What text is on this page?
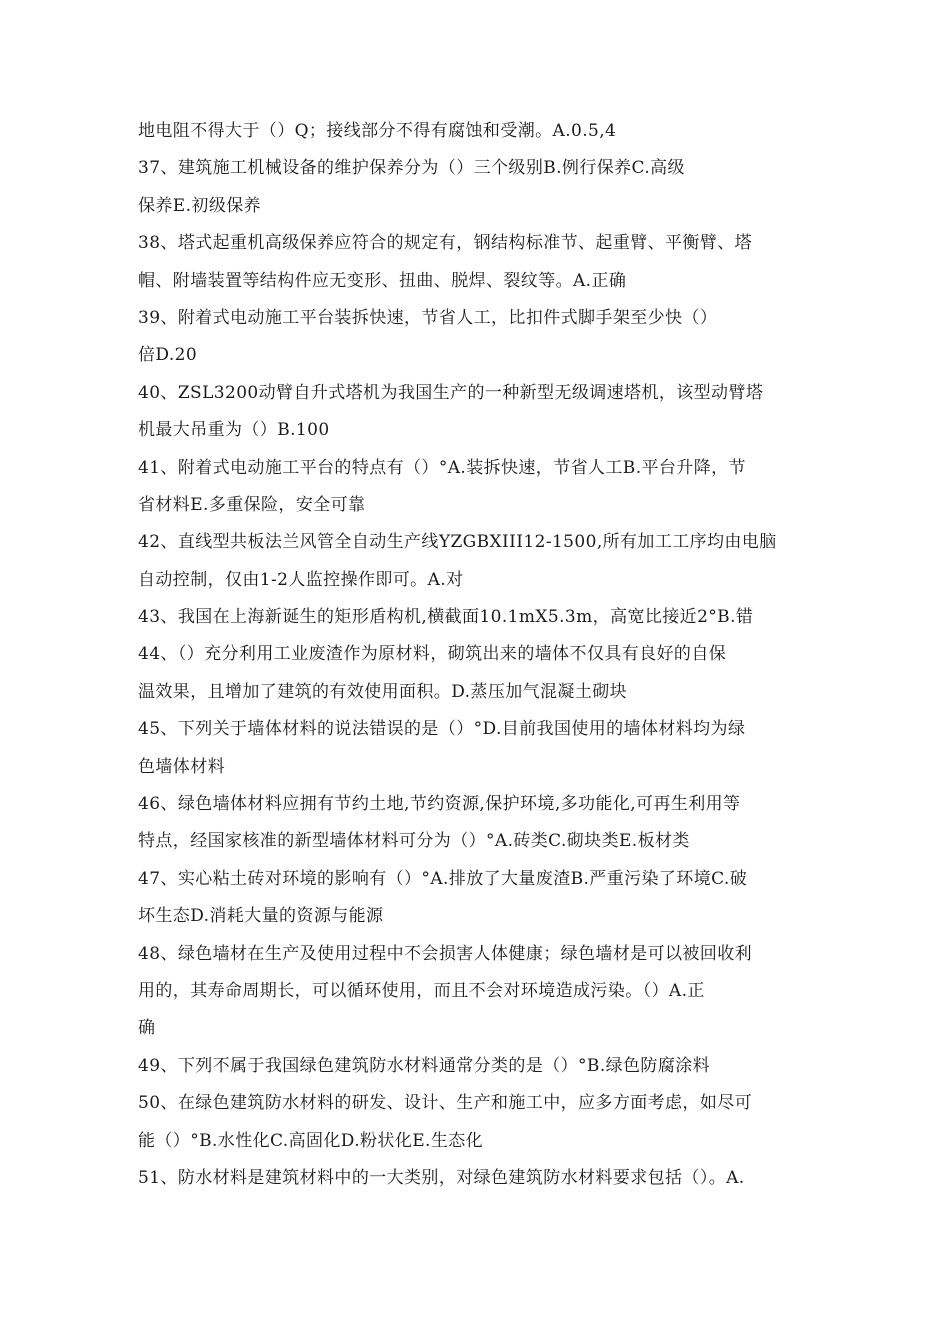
地电阻不得大于（）Q；接线部分不得有腐蚀和受潮。A.0.5,4
37、建筑施工机械设备的维护保养分为（）三个级别B.例行保养C.高级
保养E.初级保养
38、塔式起重机高级保养应符合的规定有，钢结构标准节、起重臂、平衡臂、塔
帽、附墙装置等结构件应无变形、扭曲、脱焊、裂纹等。A.正确
39、附着式电动施工平台装拆快速，节省人工，比扣件式脚手架至少快（）
倍D.20
40、ZSL3200动臂自升式塔机为我国生产的一种新型无级调速塔机，该型动臂塔
机最大吊重为（）B.100
41、附着式电动施工平台的特点有（）°A.装拆快速，节省人工B.平台升降，节
省材料E.多重保险，安全可靠
42、直线型共板法兰风管全自动生产线YZGBXIII12-1500,所有加工工序均由电脑
自动控制，仅由1-2人监控操作即可。A.对
43、我国在上海新诞生的矩形盾构机,横截面10.1mX5.3m，高宽比接近2°B.错
44、（）充分利用工业废渣作为原材料，砌筑出来的墙体不仅具有良好的自保
温效果，且增加了建筑的有效使用面积。D.蒸压加气混凝土砌块
45、下列关于墙体材料的说法错误的是（）°D.目前我国使用的墙体材料均为绿
色墙体材料
46、绿色墙体材料应拥有节约土地,节约资源,保护环境,多功能化,可再生利用等
特点，经国家核准的新型墙体材料可分为（）°A.砖类C.砌块类E.板材类
47、实心粘土砖对环境的影响有（）°A.排放了大量废渣B.严重污染了环境C.破
坏生态D.消耗大量的资源与能源
48、绿色墙材在生产及使用过程中不会损害人体健康；绿色墙材是可以被回收利
用的，其寿命周期长，可以循环使用，而且不会对环境造成污染。（）A.正
确
49、下列不属于我国绿色建筑防水材料通常分类的是（）°B.绿色防腐涂料
50、在绿色建筑防水材料的研发、设计、生产和施工中，应多方面考虑，如尽可
能（）°B.水性化C.高固化D.粉状化E.生态化
51、防水材料是建筑材料中的一大类别，对绿色建筑防水材料要求包括（）。A.
